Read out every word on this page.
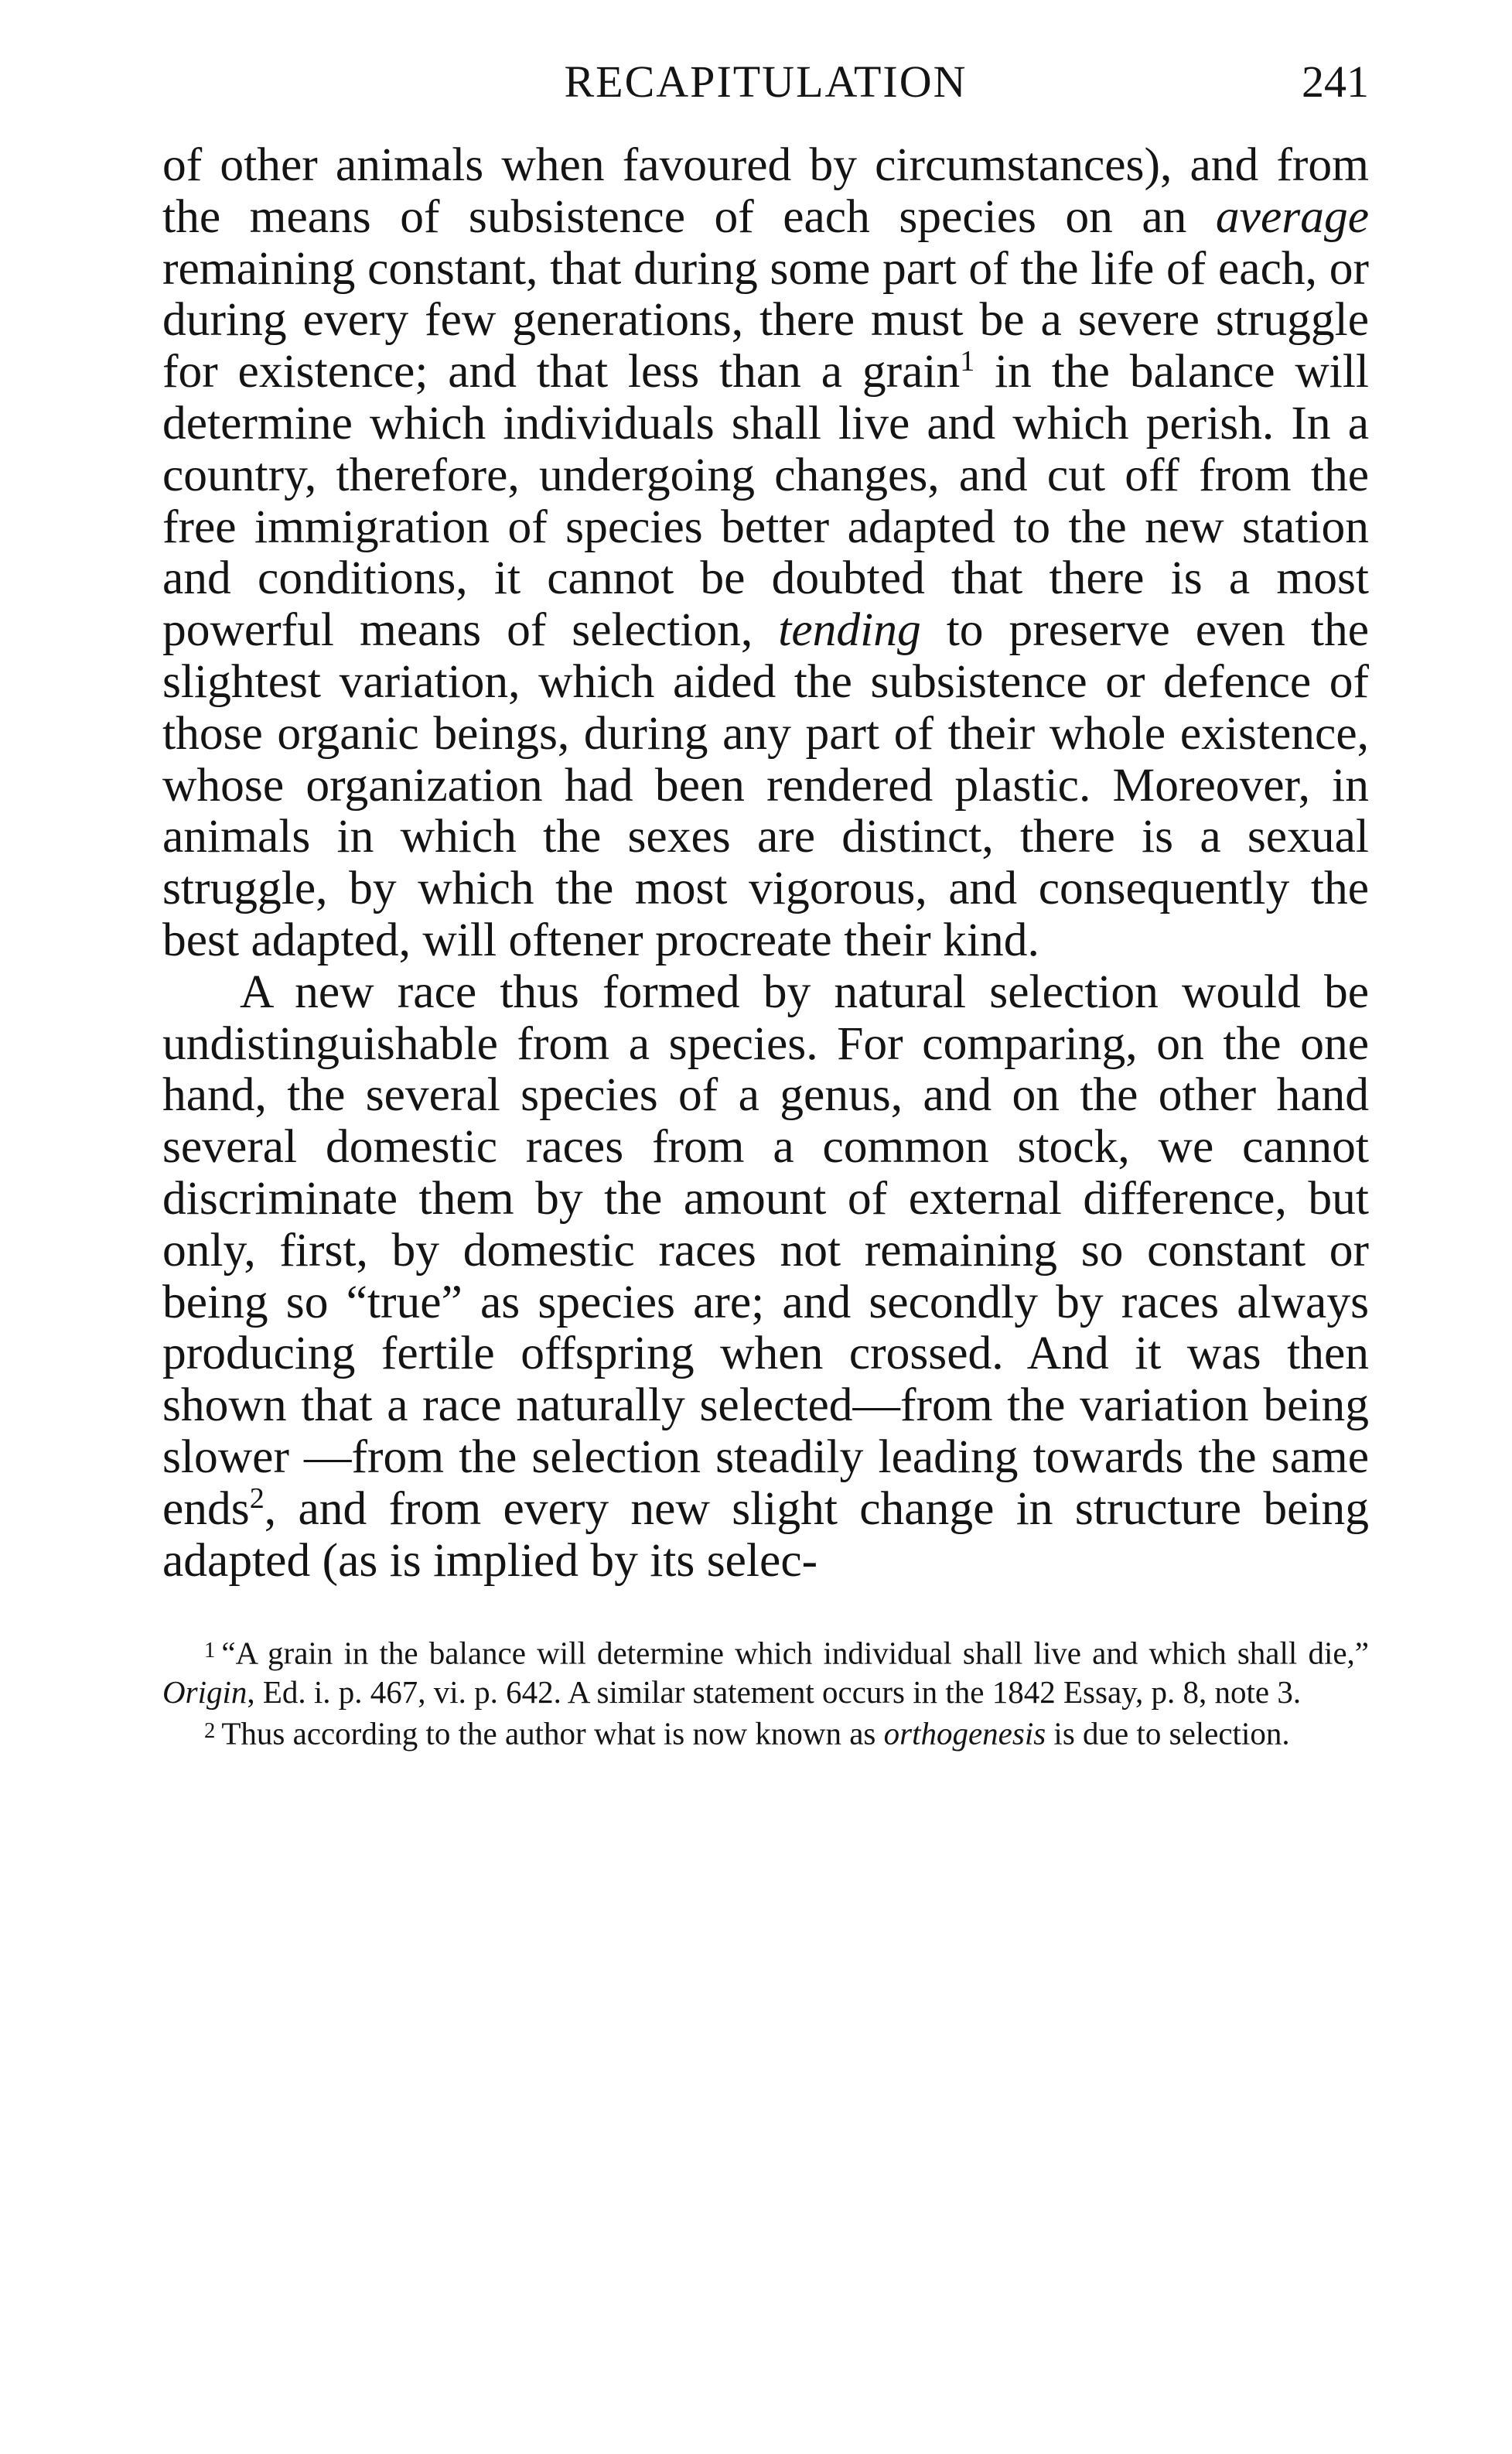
RECAPITULATION	241

of other animals when favoured by circumstances), and from the means of subsistence of each species on an average remaining constant, that during some part of the life of each, or during every few generations, there must be a severe struggle for existence; and that less than a grain$^1$ in the balance will determine which individuals shall live and which perish. In a country, therefore, undergoing changes, and cut off from the free immigration of species better adapted to the new station and conditions, it cannot be doubted that there is a most powerful means of selection, tending to preserve even the slightest variation, which aided the subsistence or defence of those organic beings, during any part of their whole existence, whose organization had been rendered plastic. Moreover, in animals in which the sexes are distinct, there is a sexual struggle, by which the most vigorous, and consequently the best adapted, will oftener procreate their kind.

A new race thus formed by natural selection would be undistinguishable from a species. For comparing, on the one hand, the several species of a genus, and on the other hand several domestic races from a common stock, we cannot discriminate them by the amount of external difference, but only, first, by domestic races not remaining so constant or being so “true” as species are; and secondly by races always producing fertile offspring when crossed. And it was then shown that a race naturally selected—from the variation being slower —from the selection steadily leading towards the same ends$^2$, and from every new slight change in structure being adapted (as is implied by its selec-

$^1$ “A grain in the balance will determine which individual shall live and which shall die,” Origin, Ed. i. p. 467, vi. p. 642. A similar statement occurs in the 1842 Essay, p. 8, note 3.

$^2$ Thus according to the author what is now known as orthogenesis is due to selection.
